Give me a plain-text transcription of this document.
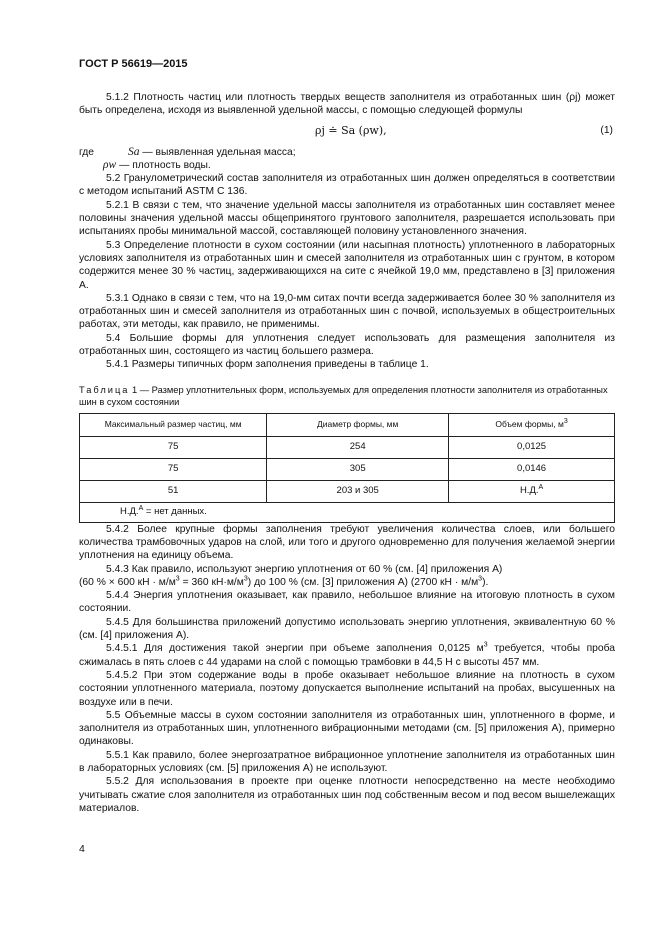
ГОСТ Р 56619—2015

5.1.2 Плотность частиц или плотность твердых веществ заполнителя из отработанных шин (ρj) может быть определена, исходя из выявленной удельной массы, с помощью следующей формулы

ρj ≐ Sa (ρw),	(1)
где	Sa
— выявленная удельная масса;
ρw
— плотность воды.

5.2 Гранулометрический состав заполнителя из отработанных шин должен определяться в соответствии с методом испытаний ASTM C 136.

5.2.1 В связи с тем, что значение удельной массы заполнителя из отработанных шин составляет менее половины значения удельной массы общепринятого грунтового заполнителя, разрешается использовать при испытаниях пробы минимальной массой, составляющей половину установленного значения.

5.3 Определение плотности в сухом состоянии (или насыпная плотность) уплотненного в лабораторных условиях заполнителя из отработанных шин и смесей заполнителя из отработанных шин с грунтом, в котором содержится менее 30 % частиц, задерживающихся на сите с ячейкой 19,0 мм, представлено в [3] приложения А.

5.3.1 Однако в связи с тем, что на 19,0-мм ситах почти всегда задерживается более 30 % заполнителя из отработанных шин и смесей заполнителя из отработанных шин с почвой, используемых в общестроительных работах, эти методы, как правило, не применимы.

5.4 Большие формы для уплотнения следует использовать для размещения заполнителя из отработанных шин, состоящего из частиц большего размера.

5.4.1 Размеры типичных форм заполнения приведены в таблице 1.

Таблица 1 — Размер уплотнительных форм, используемых для определения плотности заполнителя из отработанных шин в сухом состоянии
Максимальный размер частиц, мм	Диаметр формы, мм	Объем формы, $м^3$
75	254	0,0125
75	305	0,0146
51	203 и 305	Н.Д.$^A$
Н.Д.$^A$ = нет данных.		

5.4.2 Более крупные формы заполнения требуют увеличения количества слоев, или большего количества трамбовочных ударов на слой, или того и другого одновременно для получения желаемой энергии уплотнения на единицу объема.

5.4.3 Как правило, используют энергию уплотнения от 60 % (см. [4] приложения А)

(60 % × 600 кН · $м/м^3 = 360$ $кН\cdot м/м^3$) до 100 % (см. [3] приложения А) (2700 кН · $м/м^3$).

5.4.4 Энергия уплотнения оказывает, как правило, небольшое влияние на итоговую плотность в сухом состоянии.

5.4.5 Для большинства приложений допустимо использовать энергию уплотнения, эквивалентную 60 % (см. [4] приложения А).

5.4.5.1 Для достижения такой энергии при объеме заполнения 0,0125 $м^3$ требуется, чтобы проба сжималась в пять слоев с 44 ударами на слой с помощью трамбовки в 44,5 Н с высоты 457 мм.

5.4.5.2 При этом содержание воды в пробе оказывает небольшое влияние на плотность в сухом состоянии уплотненного материала, поэтому допускается выполнение испытаний на пробах, высушенных на воздухе или в печи.

5.5 Объемные массы в сухом состоянии заполнителя из отработанных шин, уплотненного в форме, и заполнителя из отработанных шин, уплотненного вибрационными методами (см. [5] приложения А), примерно одинаковы.

5.5.1 Как правило, более энергозатратное вибрационное уплотнение заполнителя из отработанных шин в лабораторных условиях (см. [5] приложения А) не используют.

5.5.2 Для использования в проекте при оценке плотности непосредственно на месте необходимо учитывать сжатие слоя заполнителя из отработанных шин под собственным весом и под весом вышележащих материалов.

4
